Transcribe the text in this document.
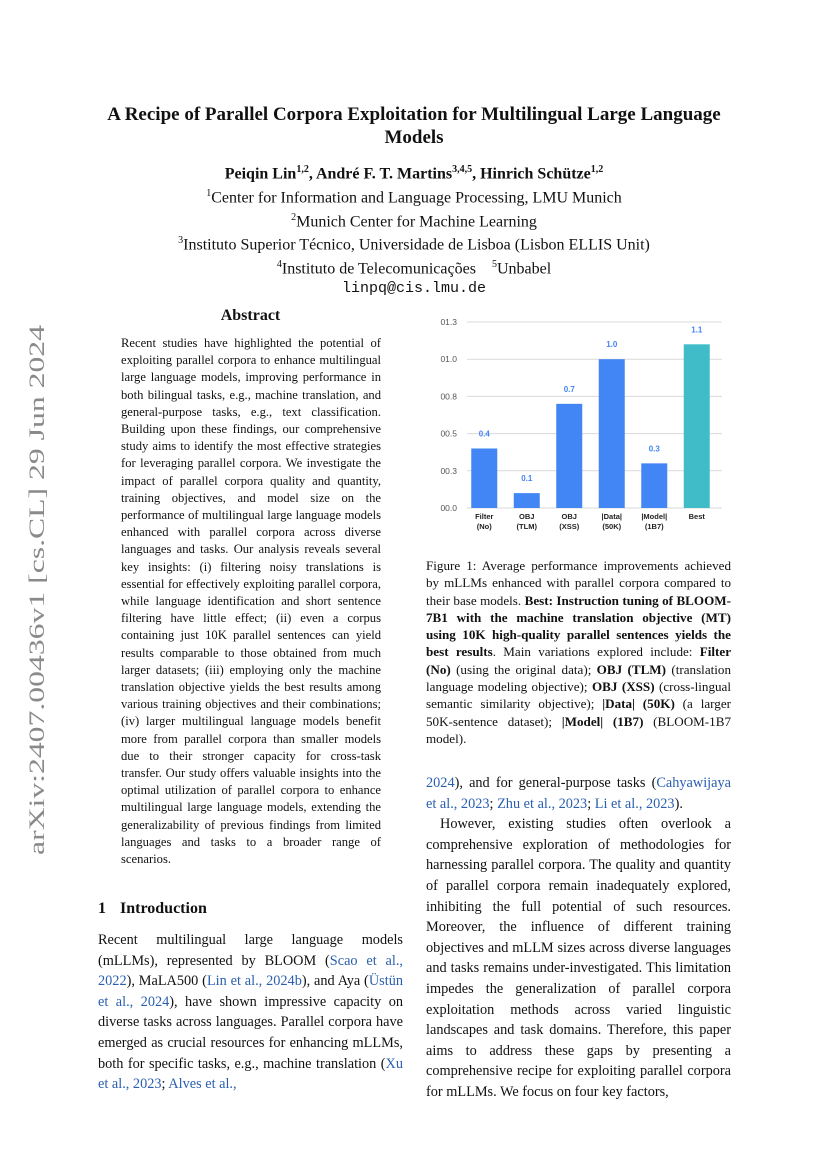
arXiv:2407.00436v1 [cs.CL] 29 Jun 2024
A Recipe of Parallel Corpora Exploitation for Multilingual Large Language Models
Peiqin Lin$^{1,2}$, André F. T. Martins$^{3,4,5}$, Hinrich Schütze$^{1,2}$
$^1$Center for Information and Language Processing, LMU Munich
$^2$Munich Center for Machine Learning
$^3$Instituto Superior Técnico, Universidade de Lisboa (Lisbon ELLIS Unit)
$^4$Instituto de Telecomunicações $^5$Unbabel
linpq@cis.lmu.de
Abstract
Recent studies have highlighted the potential of exploiting parallel corpora to enhance multilingual large language models, improving performance in both bilingual tasks, e.g., machine translation, and general-purpose tasks, e.g., text classification. Building upon these findings, our comprehensive study aims to identify the most effective strategies for leveraging parallel corpora. We investigate the impact of parallel corpora quality and quantity, training objectives, and model size on the performance of multilingual large language models enhanced with parallel corpora across diverse languages and tasks. Our analysis reveals several key insights: (i) filtering noisy translations is essential for effectively exploiting parallel corpora, while language identification and short sentence filtering have little effect; (ii) even a corpus containing just 10K parallel sentences can yield results comparable to those obtained from much larger datasets; (iii) employing only the machine translation objective yields the best results among various training objectives and their combinations; (iv) larger multilingual language models benefit more from parallel corpora than smaller models due to their stronger capacity for cross-task transfer. Our study offers valuable insights into the optimal utilization of parallel corpora to enhance multilingual large language models, extending the generalizability of previous findings from limited languages and tasks to a broader range of scenarios.
1 Introduction
Recent multilingual large language models (mLLMs), represented by BLOOM (Scao et al., 2022), MaLA500 (Lin et al., 2024b), and Aya (Üstün et al., 2024), have shown impressive capacity on diverse tasks across languages. Parallel corpora have emerged as crucial resources for enhancing mLLMs, both for specific tasks, e.g., machine translation (Xu et al., 2023; Alves et al.,
00.0
00.3
00.5
00.8
01.0
01.3
0.4
Filter
(No)
0.1
OBJ
(TLM)
0.7
OBJ
(XSS)
1.0
|Data|
(50K)
0.3
|Model|
(1B7)
1.1
Best
Figure 1: Average performance improvements achieved by mLLMs enhanced with parallel corpora compared to their base models. Best: Instruction tuning of BLOOM-7B1 with the machine translation objective (MT) using 10K high-quality parallel sentences yields the best results. Main variations explored include: Filter (No) (using the original data); OBJ (TLM) (translation language modeling objective); OBJ (XSS) (cross-lingual semantic similarity objective); |Data| (50K) (a larger 50K-sentence dataset); |Model| (1B7) (BLOOM-1B7 model).

2024), and for general-purpose tasks (Cahyawijaya et al., 2023; Zhu et al., 2023; Li et al., 2023).

However, existing studies often overlook a comprehensive exploration of methodologies for harnessing parallel corpora. The quality and quantity of parallel corpora remain inadequately explored, inhibiting the full potential of such resources. Moreover, the influence of different training objectives and mLLM sizes across diverse languages and tasks remains under-investigated. This limitation impedes the generalization of parallel corpora exploitation methods across varied linguistic landscapes and task domains. Therefore, this paper aims to address these gaps by presenting a comprehensive recipe for exploiting parallel corpora for mLLMs. We focus on four key factors,
